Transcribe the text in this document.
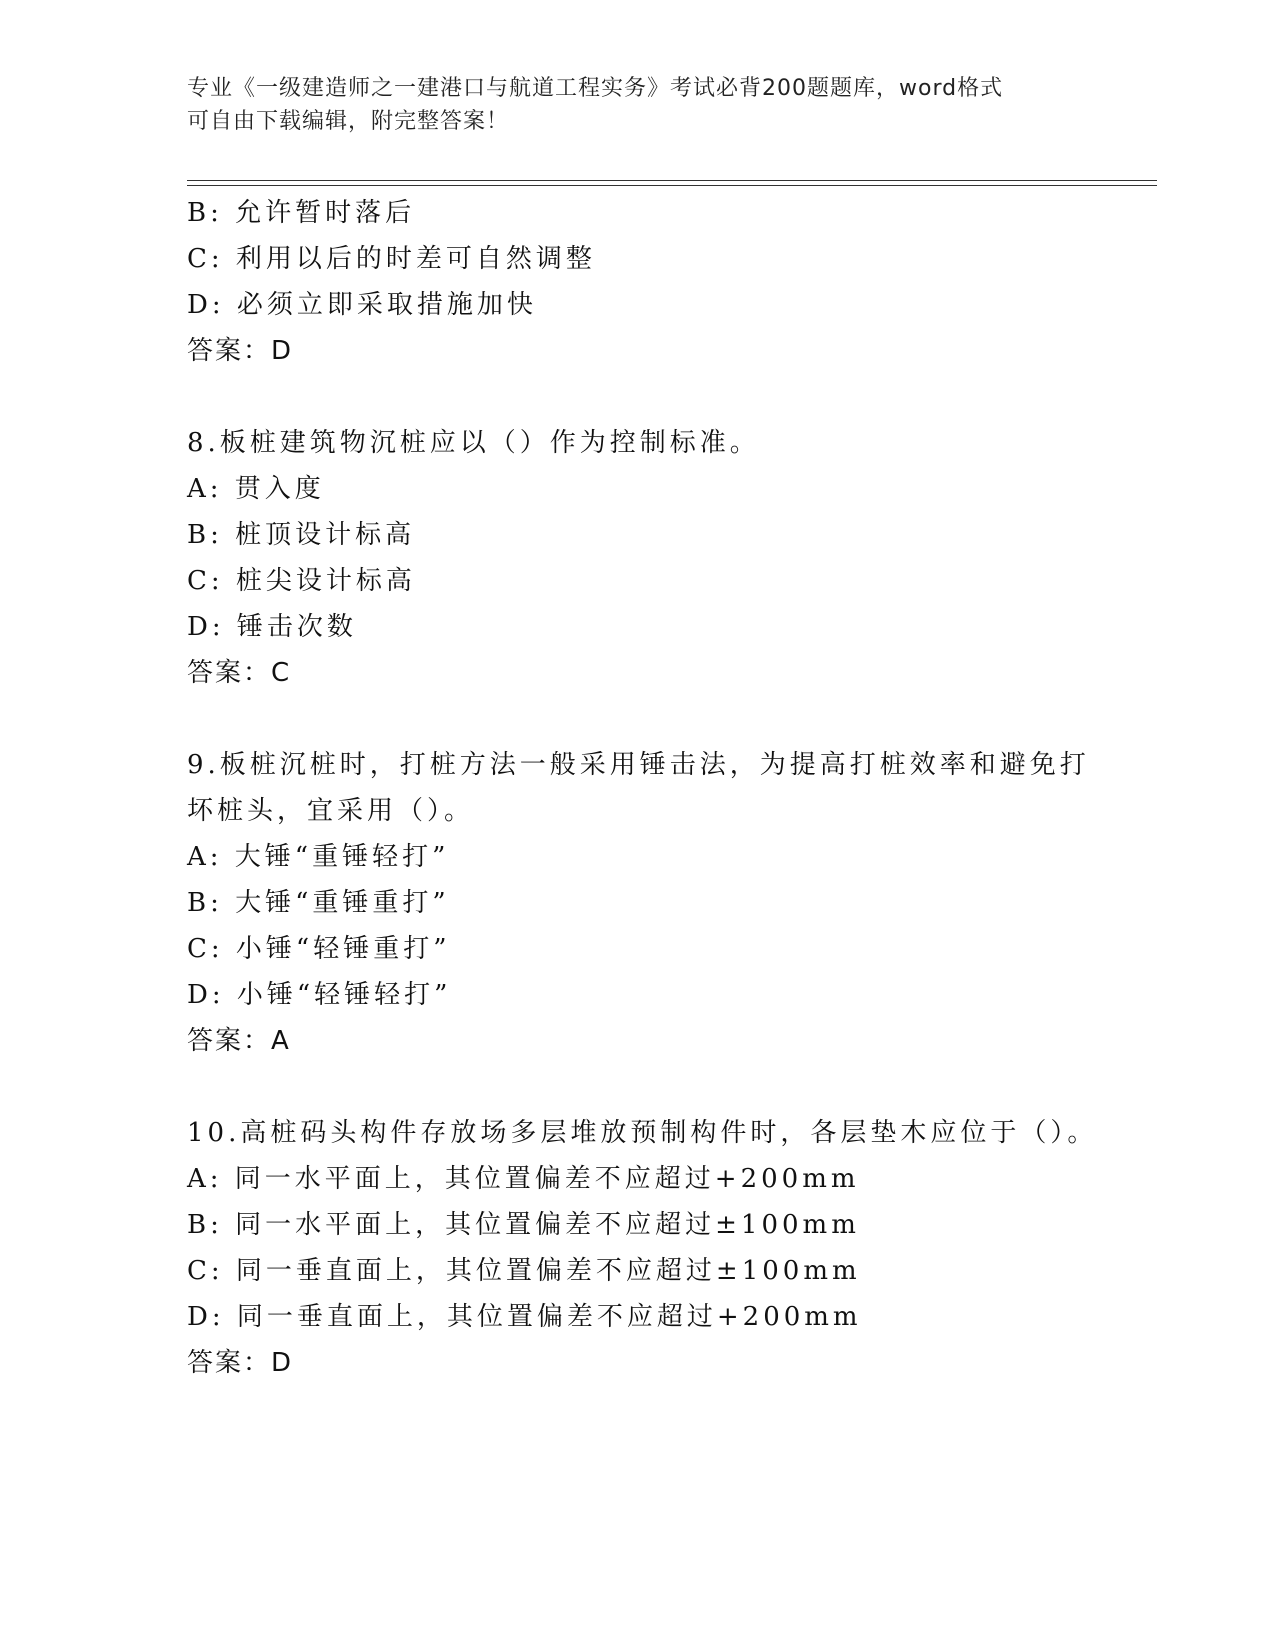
专业《一级建造师之一建港口与航道工程实务》考试必背200题题库，word格式
可自由下载编辑，附完整答案！
B: 允许暂时落后
C: 利用以后的时差可自然调整
D: 必须立即采取措施加快
答案：D
8.板桩建筑物沉桩应以（）作为控制标准。
A: 贯入度
B: 桩顶设计标高
C: 桩尖设计标高
D: 锤击次数
答案：C
9.板桩沉桩时，打桩方法一般采用锤击法，为提高打桩效率和避免打
坏桩头，宜采用（）。
A: 大锤“重锤轻打”
B: 大锤“重锤重打”
C: 小锤“轻锤重打”
D: 小锤“轻锤轻打”
答案：A
10.高桩码头构件存放场多层堆放预制构件时，各层垫木应位于（）。
A: 同一水平面上，其位置偏差不应超过+200mm
B: 同一水平面上，其位置偏差不应超过±100mm
C: 同一垂直面上，其位置偏差不应超过±100mm
D: 同一垂直面上，其位置偏差不应超过+200mm
答案：D
